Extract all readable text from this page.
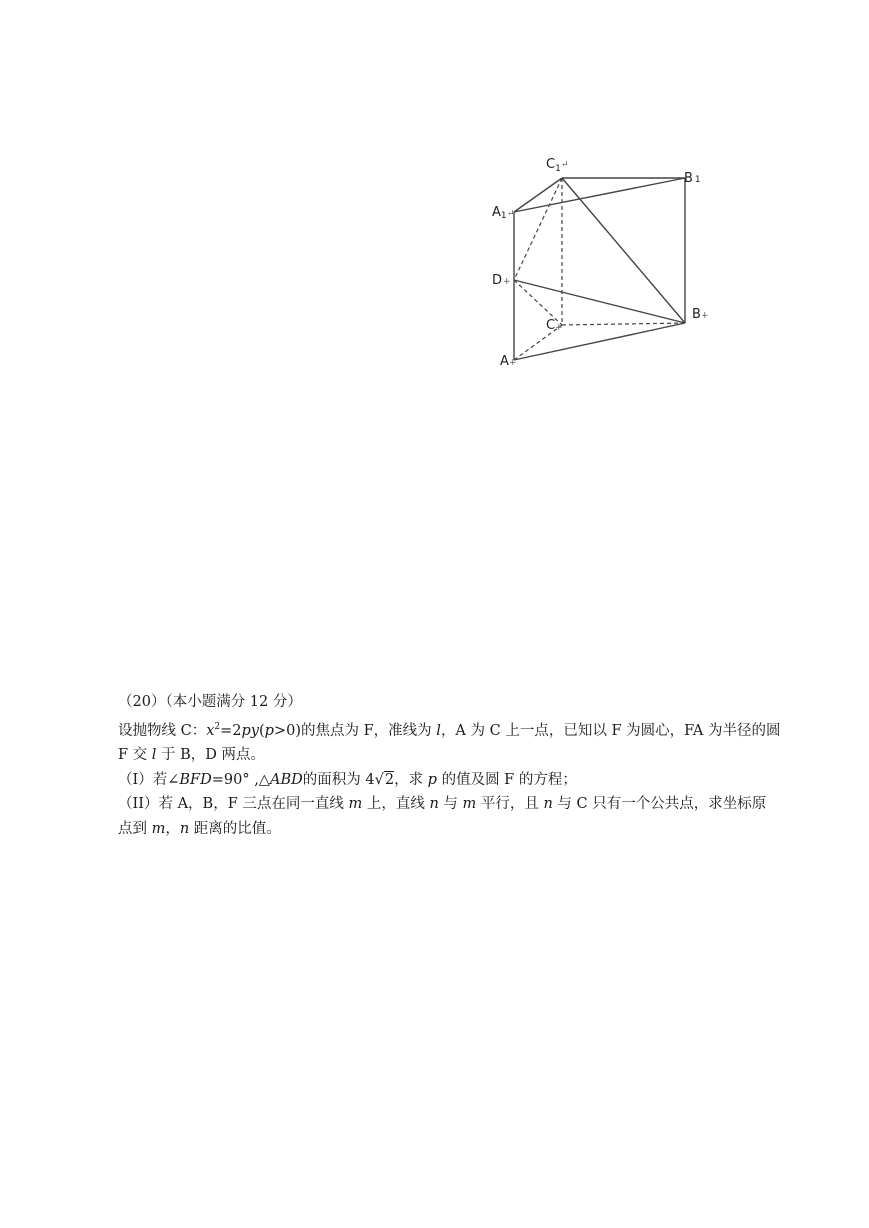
$C_1$ ↵
B 1
A1 ↵
D +
C +
B +
A +

（20）（本小题满分 12 分）

设抛物线 C：$x^2=2py(p>0)$的焦点为 F，准线为 l，A 为 C 上一点，已知以 F 为圆心，FA 为半径的圆

F 交 l 于 B，D 两点。

（I）若∠BFD=90° ,△ABD的面积为 4√2，求 p 的值及圆 F 的方程；

（II）若 A，B，F 三点在同一直线 m 上，直线 n 与 m 平行，且 n 与 C 只有一个公共点，求坐标原

点到 m，n 距离的比值。
